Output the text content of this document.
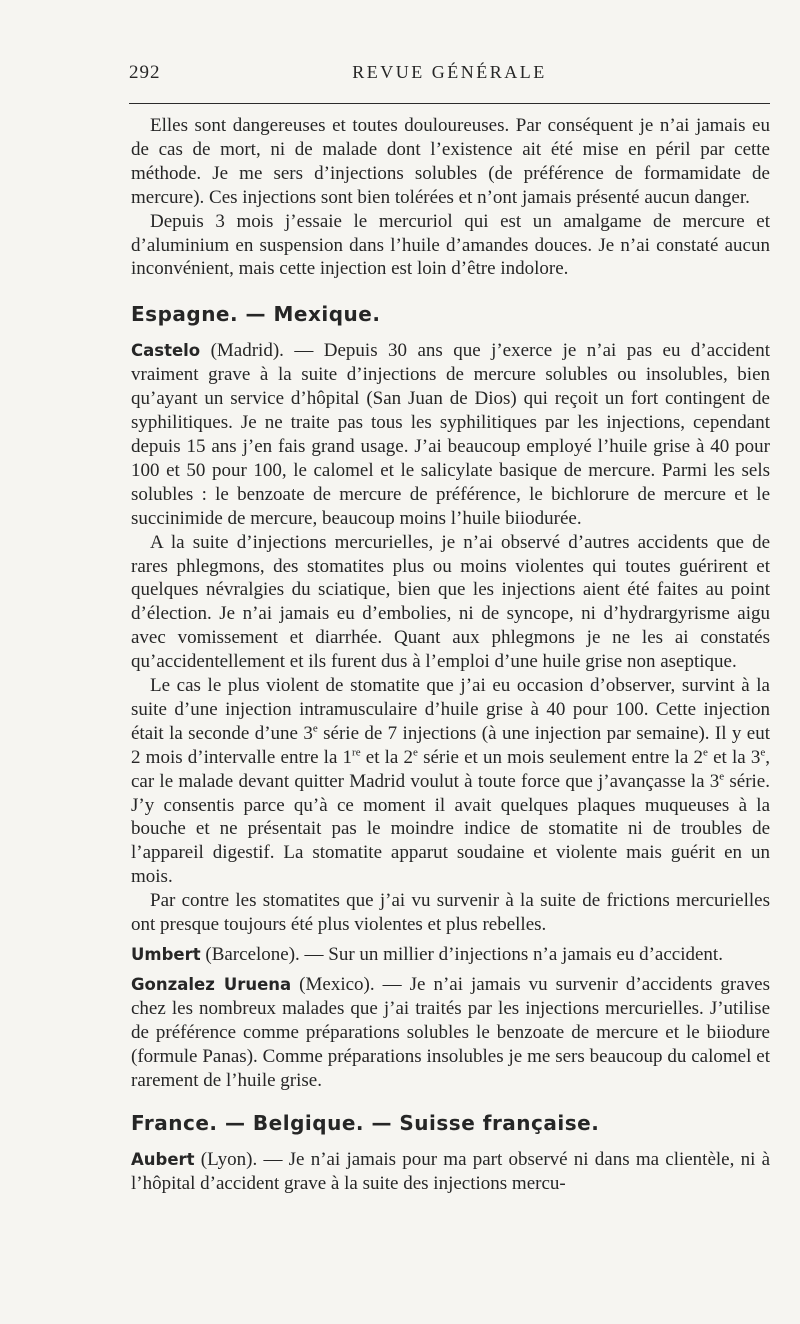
292	REVUE GÉNÉRALE

Elles sont dangereuses et toutes douloureuses. Par conséquent je n’ai jamais eu de cas de mort, ni de malade dont l’existence ait été mise en péril par cette méthode. Je me sers d’injections solubles (de préférence de formamidate de mercure). Ces injections sont bien tolérées et n’ont jamais présenté aucun danger.

Depuis 3 mois j’essaie le mercuriol qui est un amalgame de mercure et d’aluminium en suspension dans l’huile d’amandes douces. Je n’ai constaté aucun inconvénient, mais cette injection est loin d’être indolore.

Espagne. — Mexique.

Castelo (Madrid). — Depuis 30 ans que j’exerce je n’ai pas eu d’accident vraiment grave à la suite d’injections de mercure solubles ou insolubles, bien qu’ayant un service d’hôpital (San Juan de Dios) qui reçoit un fort contingent de syphilitiques. Je ne traite pas tous les syphilitiques par les injections, cependant depuis 15 ans j’en fais grand usage. J’ai beaucoup employé l’huile grise à 40 pour 100 et 50 pour 100, le calomel et le salicylate basique de mercure. Parmi les sels solubles : le benzoate de mercure de préférence, le bichlorure de mercure et le succinimide de mercure, beaucoup moins l’huile biiodurée.

A la suite d’injections mercurielles, je n’ai observé d’autres accidents que de rares phlegmons, des stomatites plus ou moins violentes qui toutes guérirent et quelques névralgies du sciatique, bien que les injections aient été faites au point d’élection. Je n’ai jamais eu d’embolies, ni de syncope, ni d’hydrargyrisme aigu avec vomissement et diarrhée. Quant aux phlegmons je ne les ai constatés qu’accidentellement et ils furent dus à l’emploi d’une huile grise non aseptique.

Le cas le plus violent de stomatite que j’ai eu occasion d’observer, survint à la suite d’une injection intramusculaire d’huile grise à 40 pour 100. Cette injection était la seconde d’une 3e série de 7 injections (à une injection par semaine). Il y eut 2 mois d’intervalle entre la 1re et la 2e série et un mois seulement entre la 2e et la 3e, car le malade devant quitter Madrid voulut à toute force que j’avançasse la 3e série. J’y consentis parce qu’à ce moment il avait quelques plaques muqueuses à la bouche et ne présentait pas le moindre indice de stomatite ni de troubles de l’appareil digestif. La stomatite apparut soudaine et violente mais guérit en un mois.

Par contre les stomatites que j’ai vu survenir à la suite de frictions mercurielles ont presque toujours été plus violentes et plus rebelles.

Umbert (Barcelone). — Sur un millier d’injections n’a jamais eu d’accident.

Gonzalez Uruena (Mexico). — Je n’ai jamais vu survenir d’accidents graves chez les nombreux malades que j’ai traités par les injections mercurielles. J’utilise de préférence comme préparations solubles le benzoate de mercure et le biiodure (formule Panas). Comme préparations insolubles je me sers beaucoup du calomel et rarement de l’huile grise.

France. — Belgique. — Suisse française.

Aubert (Lyon). — Je n’ai jamais pour ma part observé ni dans ma clientèle, ni à l’hôpital d’accident grave à la suite des injections mercu-
